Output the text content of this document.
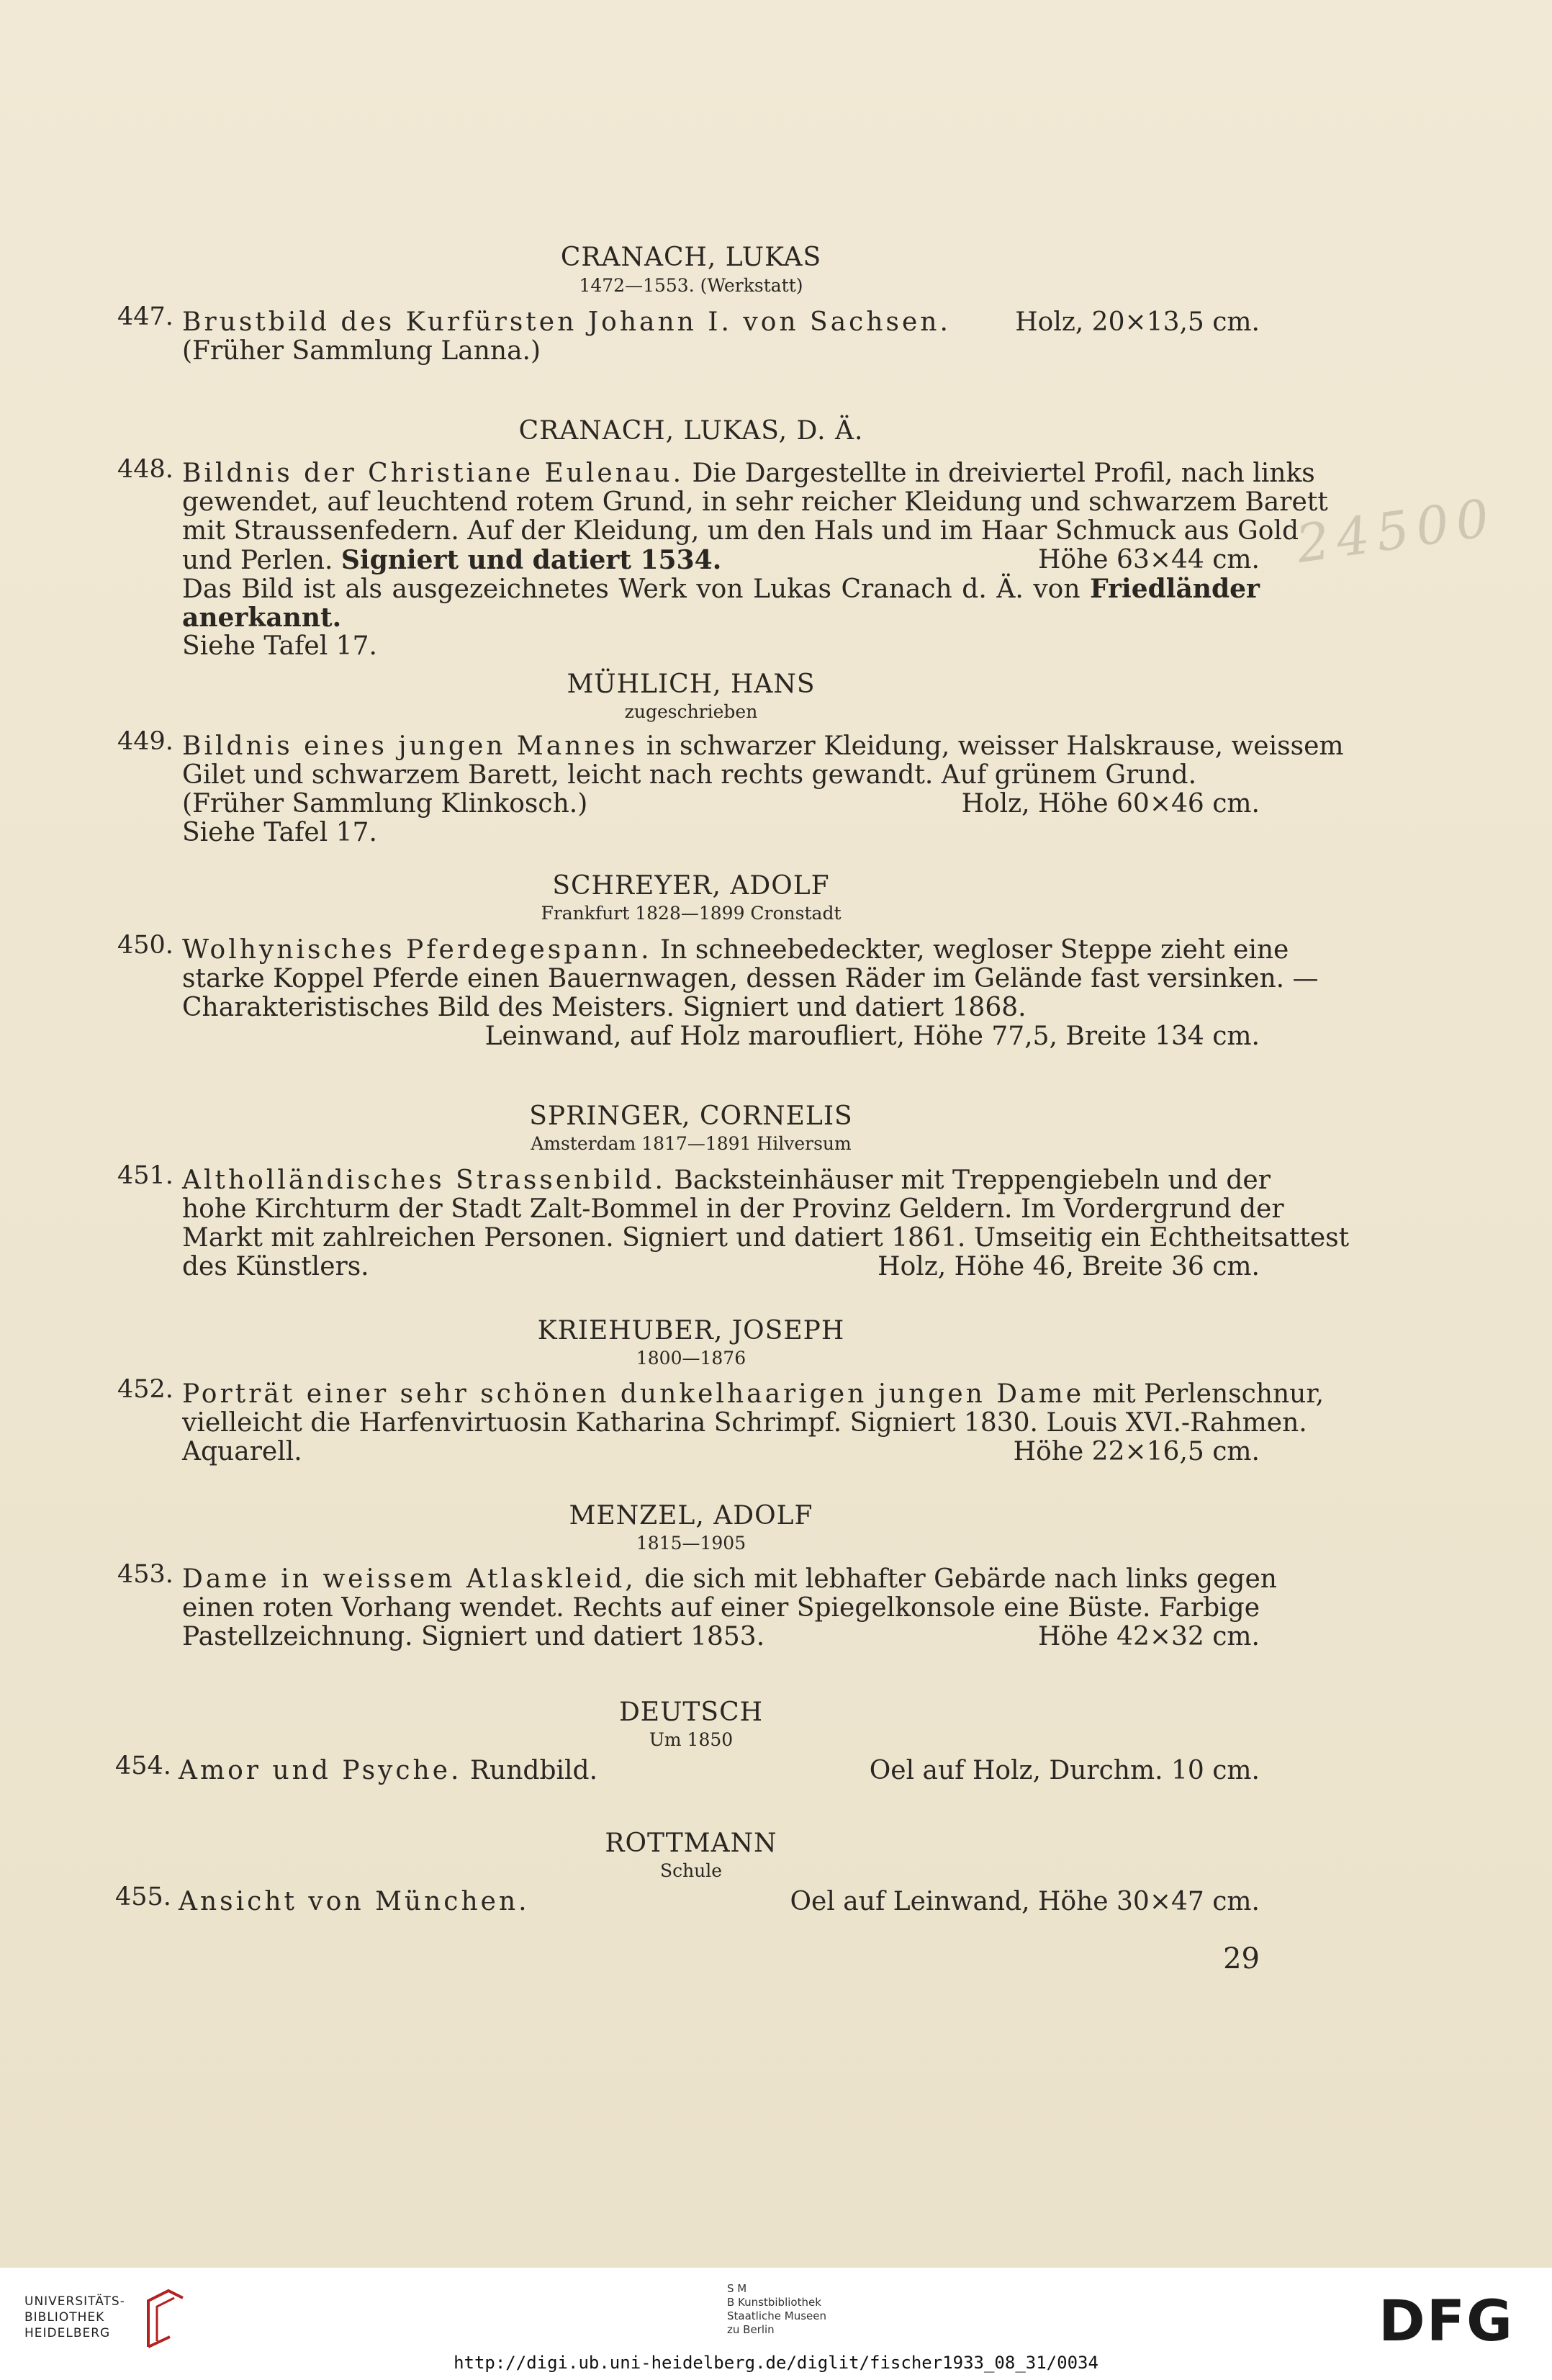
CRANACH, LUKAS
1472—1553. (Werkstatt)
447. Brustbild des Kurfürsten Johann I. von Sachsen. Holz, 20×13,5 cm.
(Früher Sammlung Lanna.)
CRANACH, LUKAS, D. Ä.
448. Bildnis der Christiane Eulenau. Die Dargestellte in dreiviertel Profil, nach links
gewendet, auf leuchtend rotem Grund, in sehr reicher Kleidung und schwarzem Barett
mit Straussenfedern. Auf der Kleidung, um den Hals und im Haar Schmuck aus Gold
und Perlen. Signiert und datiert 1534.	Höhe 63×44 cm.
Das Bild ist als ausgezeichnetes Werk von Lukas Cranach d. Ä. von Friedländer
anerkannt.
Siehe Tafel 17.
MÜHLICH, HANS
zugeschrieben
449. Bildnis eines jungen Mannes in schwarzer Kleidung, weisser Halskrause, weissem
Gilet und schwarzem Barett, leicht nach rechts gewandt. Auf grünem Grund.
(Früher Sammlung Klinkosch.)	Holz, Höhe 60×46 cm.
Siehe Tafel 17.
SCHREYER, ADOLF
Frankfurt 1828—1899 Cronstadt
450. Wolhynisches Pferdegespann. In schneebedeckter, wegloser Steppe zieht eine
starke Koppel Pferde einen Bauernwagen, dessen Räder im Gelände fast versinken. —
Charakteristisches Bild des Meisters. Signiert und datiert 1868.
Leinwand, auf Holz maroufliert, Höhe 77,5, Breite 134 cm.
SPRINGER, CORNELIS
Amsterdam 1817—1891 Hilversum
451. Altholländisches Strassenbild. Backsteinhäuser mit Treppengiebeln und der
hohe Kirchturm der Stadt Zalt-Bommel in der Provinz Geldern. Im Vordergrund der
Markt mit zahlreichen Personen. Signiert und datiert 1861. Umseitig ein Echtheitsattest
des Künstlers.	Holz, Höhe 46, Breite 36 cm.
KRIEHUBER, JOSEPH
1800—1876
452. Porträt einer sehr schönen dunkelhaarigen jungen Dame mit Perlenschnur,
vielleicht die Harfenvirtuosin Katharina Schrimpf. Signiert 1830. Louis XVI.-Rahmen.
Aquarell.	Höhe 22×16,5 cm.
MENZEL, ADOLF
1815—1905
453. Dame in weissem Atlaskleid, die sich mit lebhafter Gebärde nach links gegen
einen roten Vorhang wendet. Rechts auf einer Spiegelkonsole eine Büste. Farbige
Pastellzeichnung. Signiert und datiert 1853.	Höhe 42×32 cm.
DEUTSCH
Um 1850
454. Amor und Psyche. Rundbild.	Oel auf Holz, Durchm. 10 cm.
ROTTMANN
Schule
455. Ansicht von München.	Oel auf Leinwand, Höhe 30×47 cm.
24500
29
UNIVERSITÄTS-
BIBLIOTHEK
HEIDELBERG
S M
B Kunstbibliothek
Staatliche Museen
zu Berlin	DFG
http://digi.ub.uni-heidelberg.de/diglit/fischer1933_08_31/0034
